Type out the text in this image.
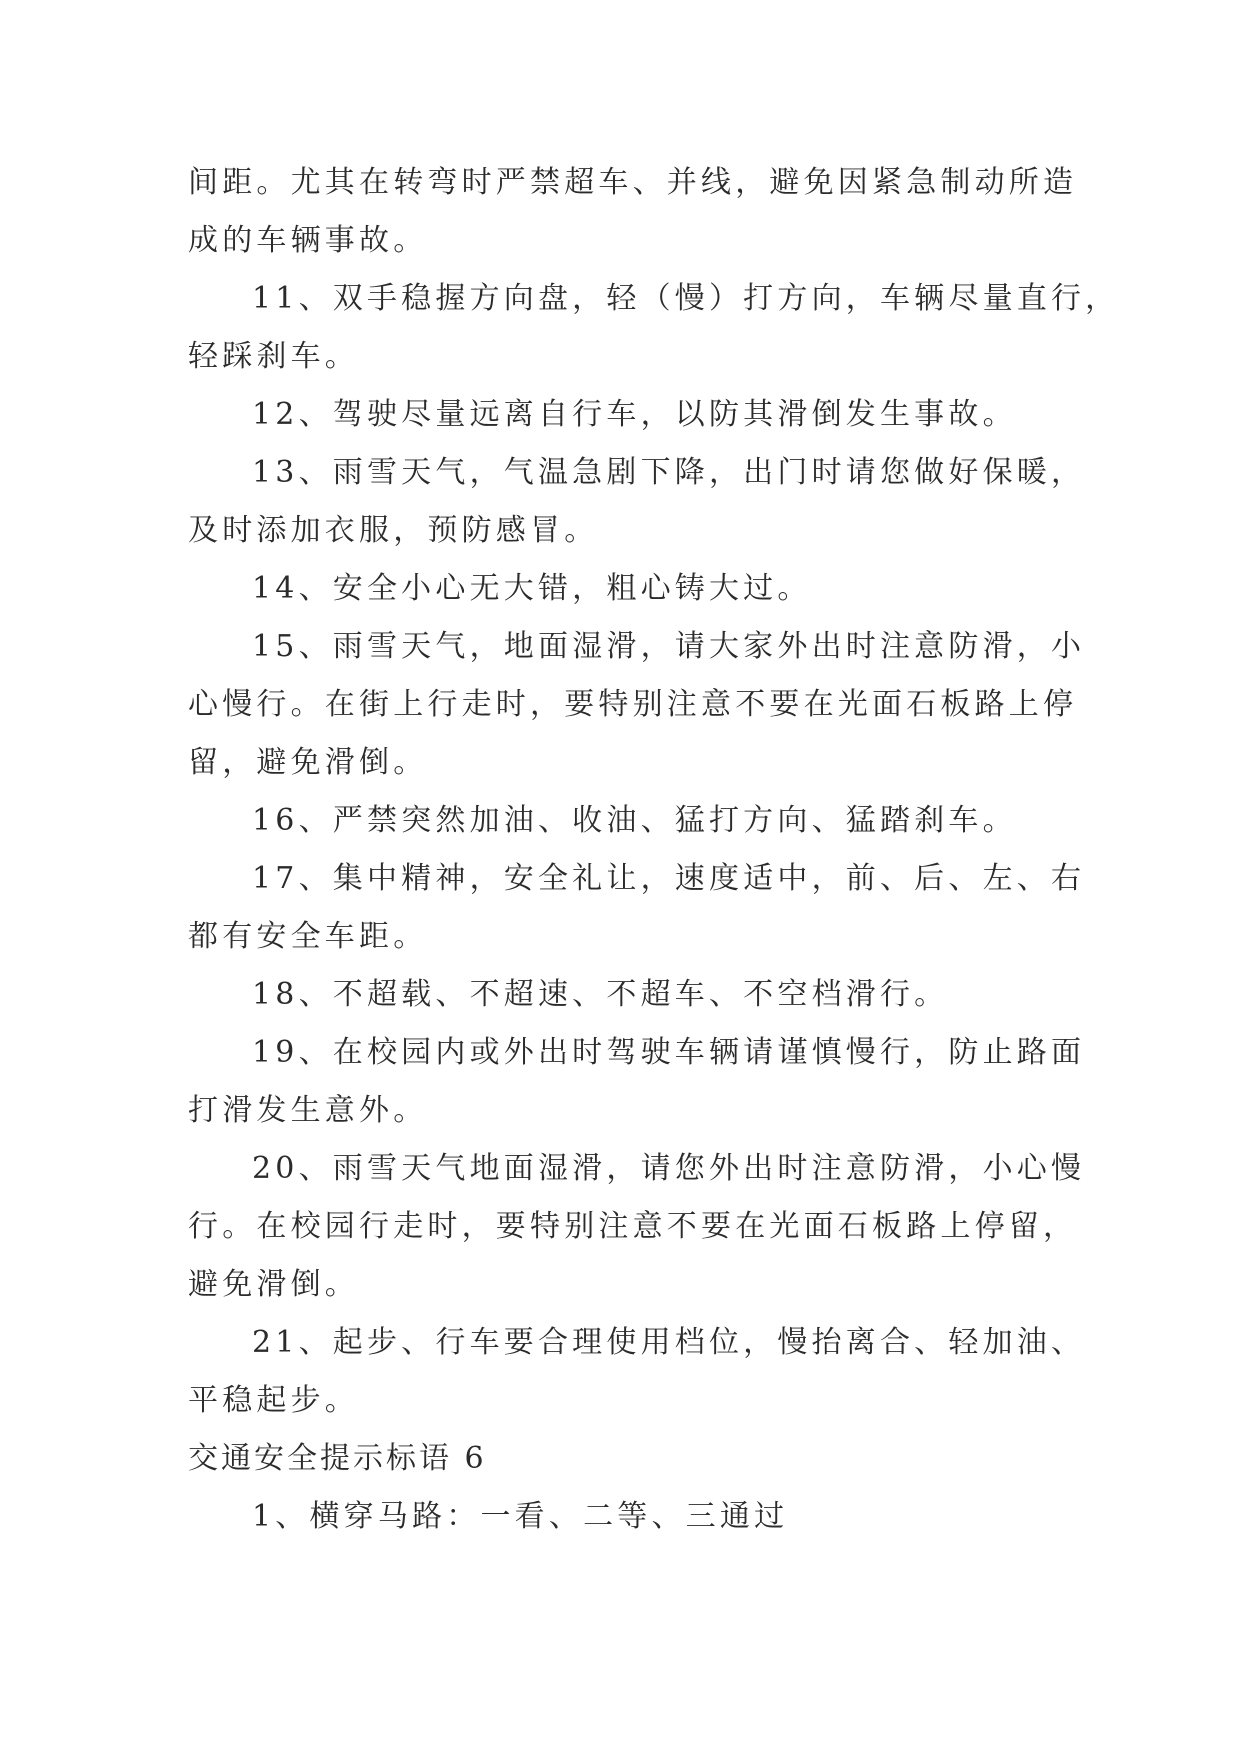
间距。尤其在转弯时严禁超车、并线，避免因紧急制动所造
成的车辆事故。
11、双手稳握方向盘，轻（慢）打方向，车辆尽量直行，
轻踩刹车。
12、驾驶尽量远离自行车，以防其滑倒发生事故。
13、雨雪天气，气温急剧下降，出门时请您做好保暖，
及时添加衣服，预防感冒。
14、安全小心无大错，粗心铸大过。
15、雨雪天气，地面湿滑，请大家外出时注意防滑，小
心慢行。在街上行走时，要特别注意不要在光面石板路上停
留，避免滑倒。
16、严禁突然加油、收油、猛打方向、猛踏刹车。
17、集中精神，安全礼让，速度适中，前、后、左、右
都有安全车距。
18、不超载、不超速、不超车、不空档滑行。
19、在校园内或外出时驾驶车辆请谨慎慢行，防止路面
打滑发生意外。
20、雨雪天气地面湿滑，请您外出时注意防滑，小心慢
行。在校园行走时，要特别注意不要在光面石板路上停留，
避免滑倒。
21、起步、行车要合理使用档位，慢抬离合、轻加油、
平稳起步。
交通安全提示标语 6
1、横穿马路：一看、二等、三通过
